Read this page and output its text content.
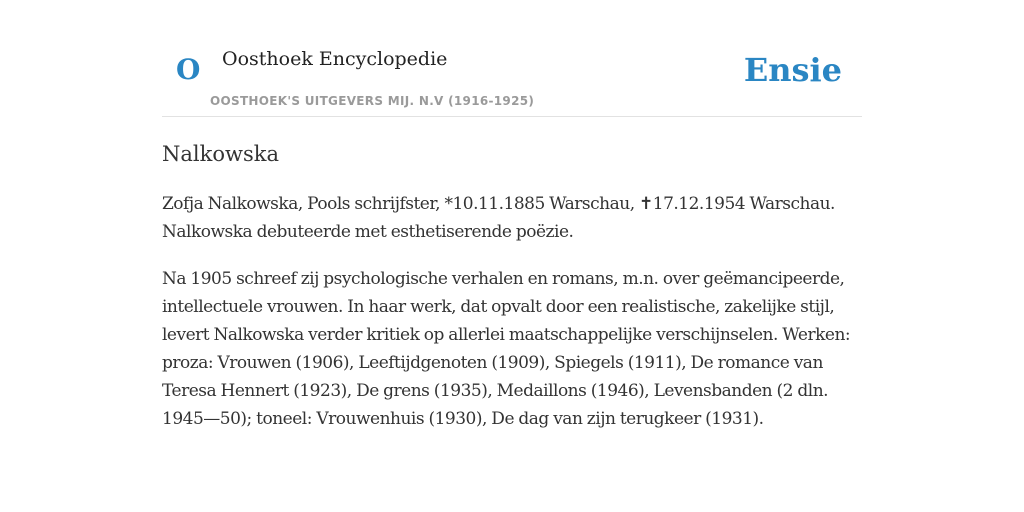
O Oosthoek Encyclopedie
OOSTHOEK'S UITGEVERS MIJ. N.V (1916-1925)
Ensie
Nalkowska

Zofja Nalkowska, Pools schrijfster, *10.11.1885 Warschau, ✝17.12.1954 Warschau. Nalkowska debuteerde met esthetiserende poëzie.

Na 1905 schreef zij psychologische verhalen en romans, m.n. over geëmancipeerde, intellectuele vrouwen. In haar werk, dat opvalt door een realistische, zakelijke stijl, levert Nalkowska verder kritiek op allerlei maatschappelijke verschijnselen. Werken: proza: Vrouwen (1906), Leeftijdgenoten (1909), Spiegels (1911), De romance van Teresa Hennert (1923), De grens (1935), Medaillons (1946), Levensbanden (2 dln. 1945—50); toneel: Vrouwenhuis (1930), De dag van zijn terugkeer (1931).
